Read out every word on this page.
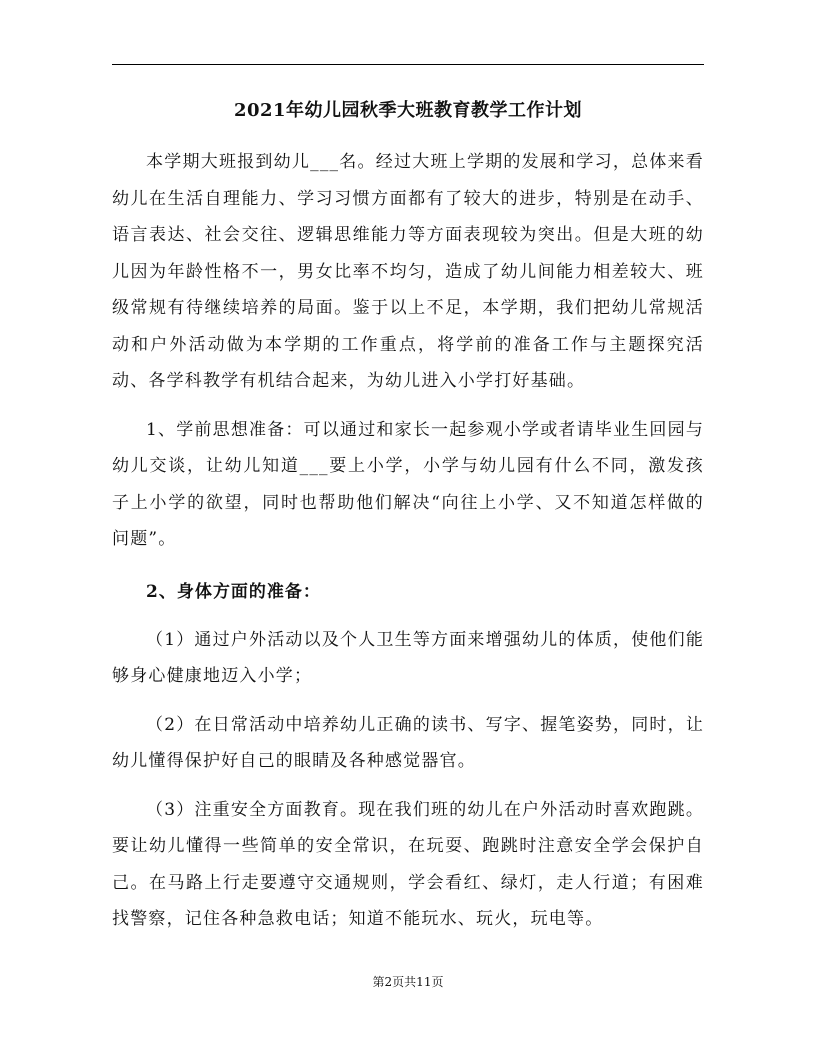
2021年幼儿园秋季大班教育教学工作计划

本学期大班报到幼儿___名。经过大班上学期的发展和学习，总体来看幼儿在生活自理能力、学习习惯方面都有了较大的进步，特别是在动手、语言表达、社会交往、逻辑思维能力等方面表现较为突出。但是大班的幼儿因为年龄性格不一，男女比率不均匀，造成了幼儿间能力相差较大、班级常规有待继续培养的局面。鉴于以上不足，本学期，我们把幼儿常规活动和户外活动做为本学期的工作重点，将学前的准备工作与主题探究活动、各学科教学有机结合起来，为幼儿进入小学打好基础。

1、学前思想准备：可以通过和家长一起参观小学或者请毕业生回园与幼儿交谈，让幼儿知道___要上小学，小学与幼儿园有什么不同，激发孩子上小学的欲望，同时也帮助他们解决“向往上小学、又不知道怎样做的问题”。

2、身体方面的准备：

（1）通过户外活动以及个人卫生等方面来增强幼儿的体质，使他们能够身心健康地迈入小学；

（2）在日常活动中培养幼儿正确的读书、写字、握笔姿势，同时，让幼儿懂得保护好自己的眼睛及各种感觉器官。

（3）注重安全方面教育。现在我们班的幼儿在户外活动时喜欢跑跳。要让幼儿懂得一些简单的安全常识，在玩耍、跑跳时注意安全学会保护自己。在马路上行走要遵守交通规则，学会看红、绿灯，走人行道；有困难找警察，记住各种急救电话；知道不能玩水、玩火，玩电等。

第2页共11页
